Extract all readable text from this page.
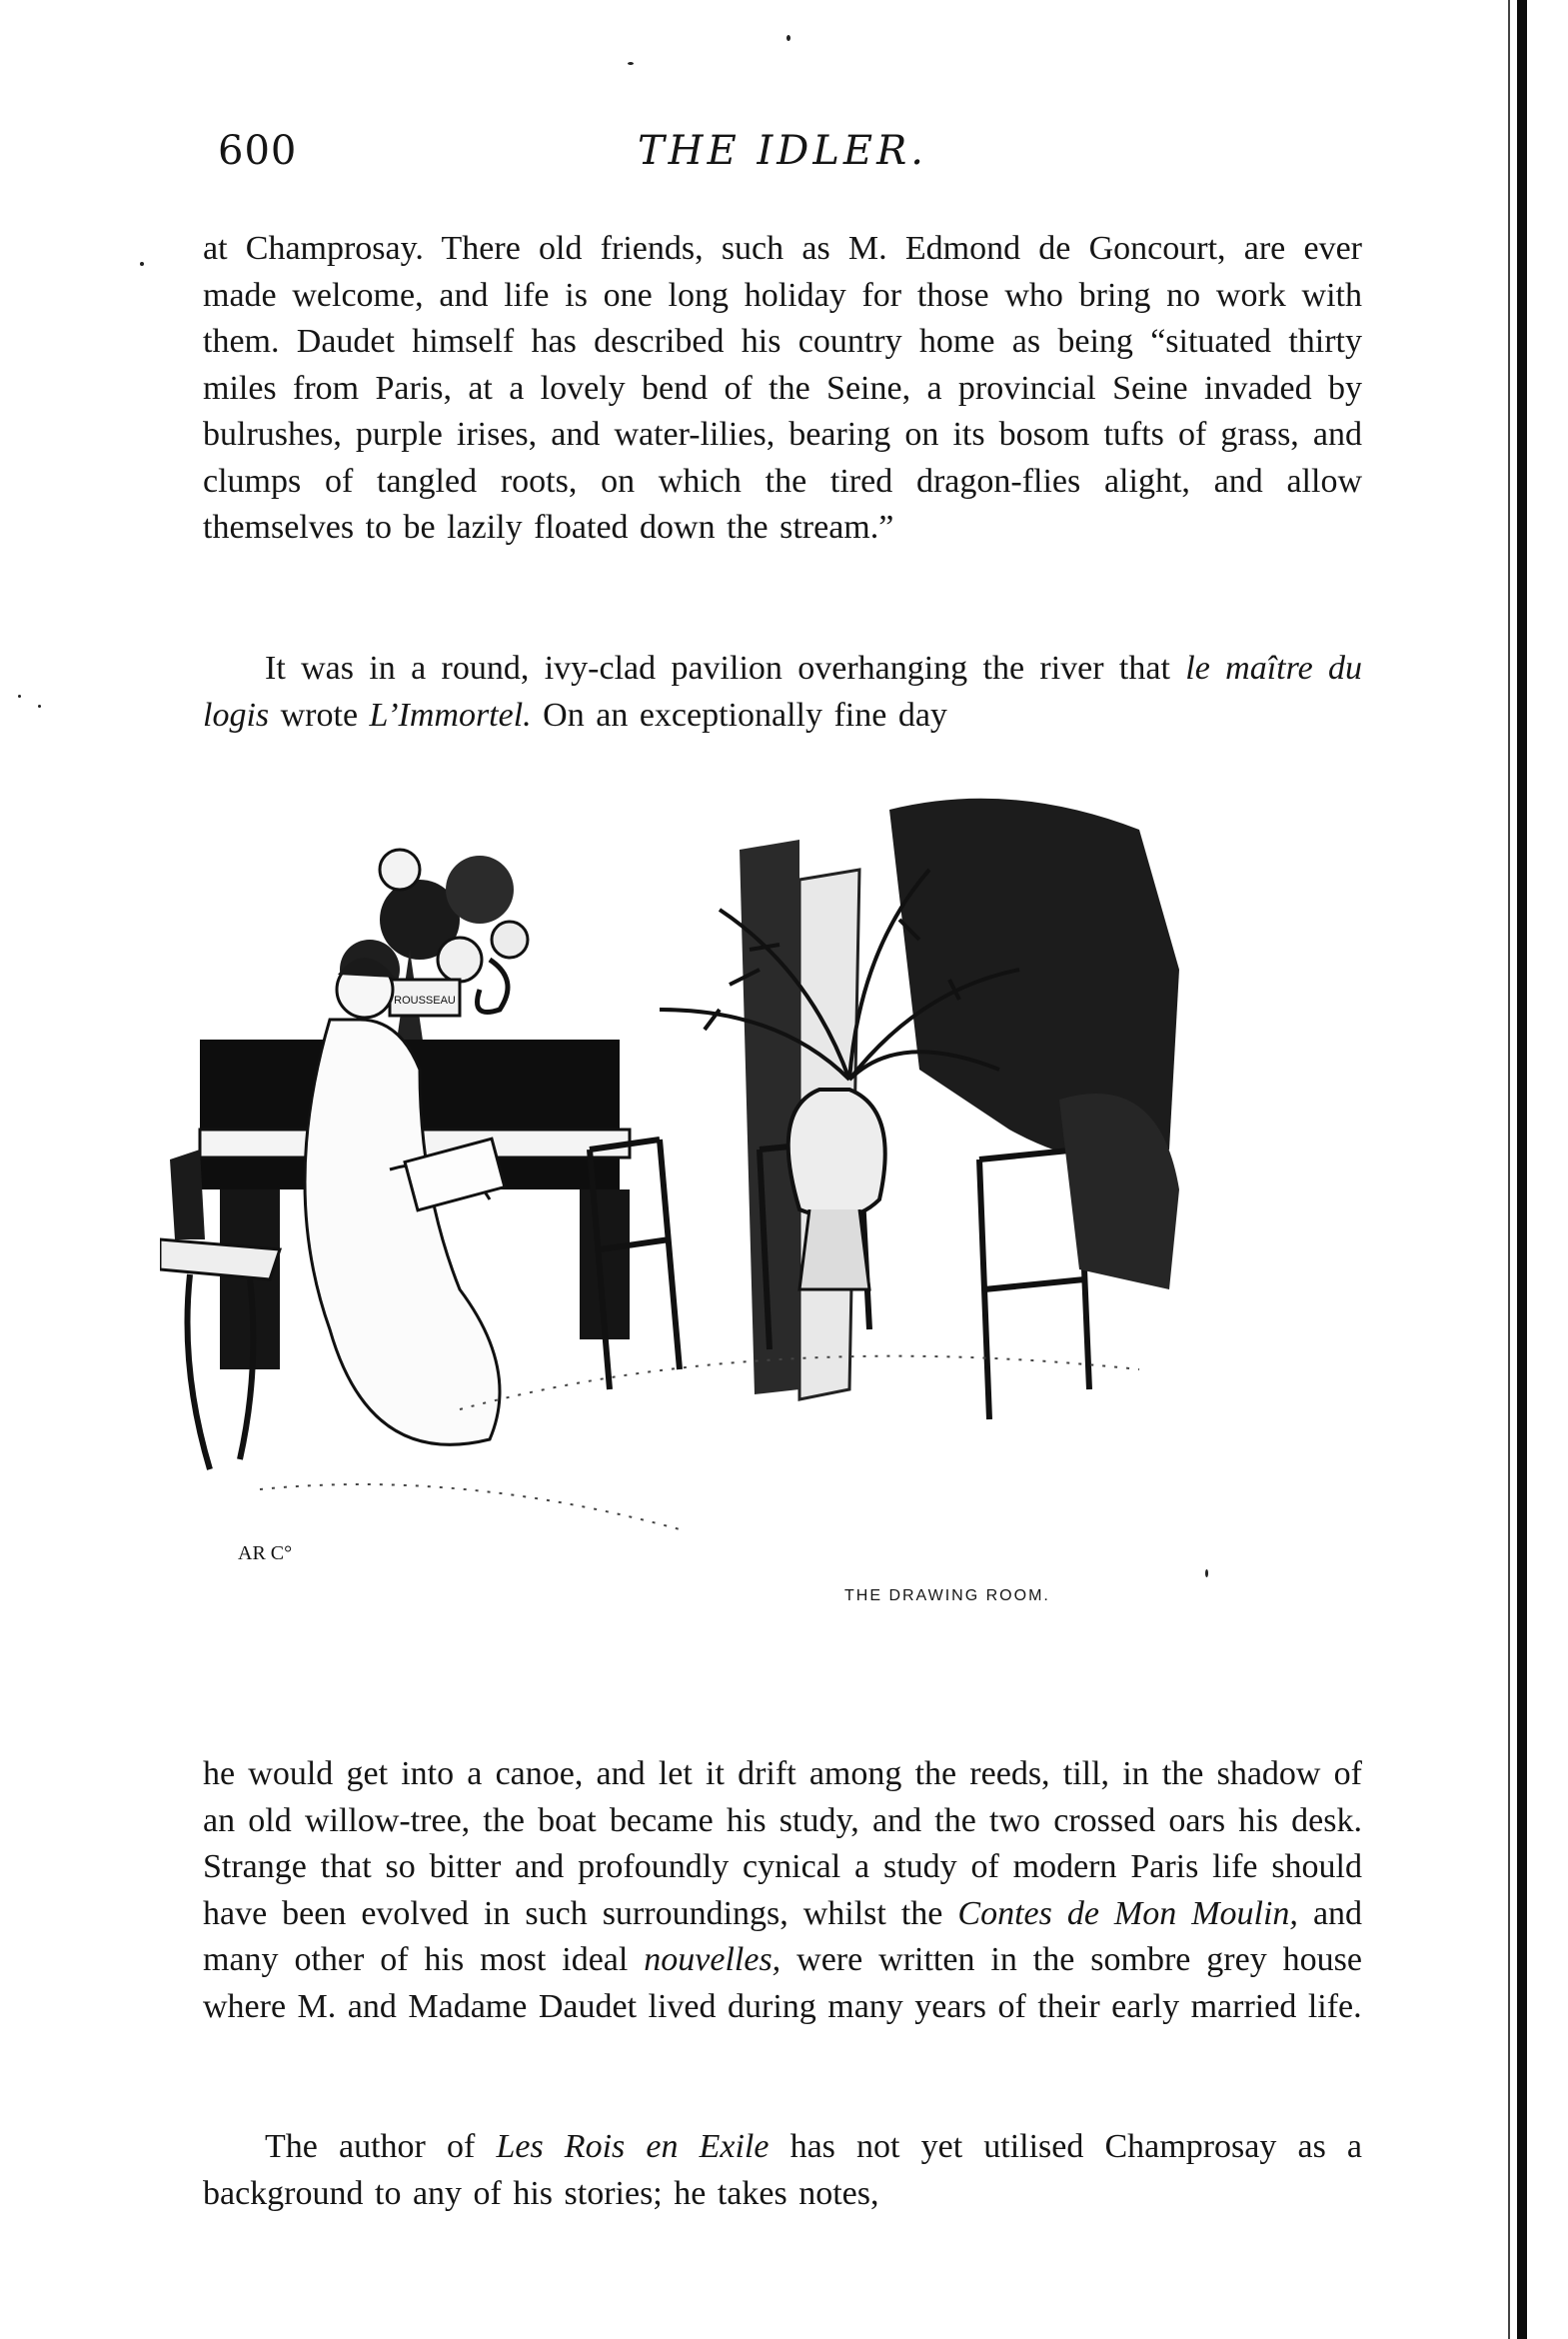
600	THE IDLER.

at Champrosay. There old friends, such as M. Edmond de Goncourt, are ever made welcome, and life is one long holiday for those who bring no work with them. Daudet himself has described his country home as being “situated thirty miles from Paris, at a lovely bend of the Seine, a provincial Seine invaded by bulrushes, purple irises, and water-lilies, bearing on its bosom tufts of grass, and clumps of tangled roots, on which the tired dragon-flies alight, and allow themselves to be lazily floated down the stream.”

It was in a round, ivy-clad pavilion overhanging the river that le maître du logis wrote L’Immortel. On an exceptionally fine day

ROUSSEAU
AR C°
THE DRAWING ROOM.

he would get into a canoe, and let it drift among the reeds, till, in the shadow of an old willow-tree, the boat became his study, and the two crossed oars his desk. Strange that so bitter and profoundly cynical a study of modern Paris life should have been evolved in such surroundings, whilst the Contes de Mon Moulin, and many other of his most ideal nouvelles, were written in the sombre grey house where M. and Madame Daudet lived during many years of their early married life.

The author of Les Rois en Exile has not yet utilised Champrosay as a background to any of his stories; he takes notes,
